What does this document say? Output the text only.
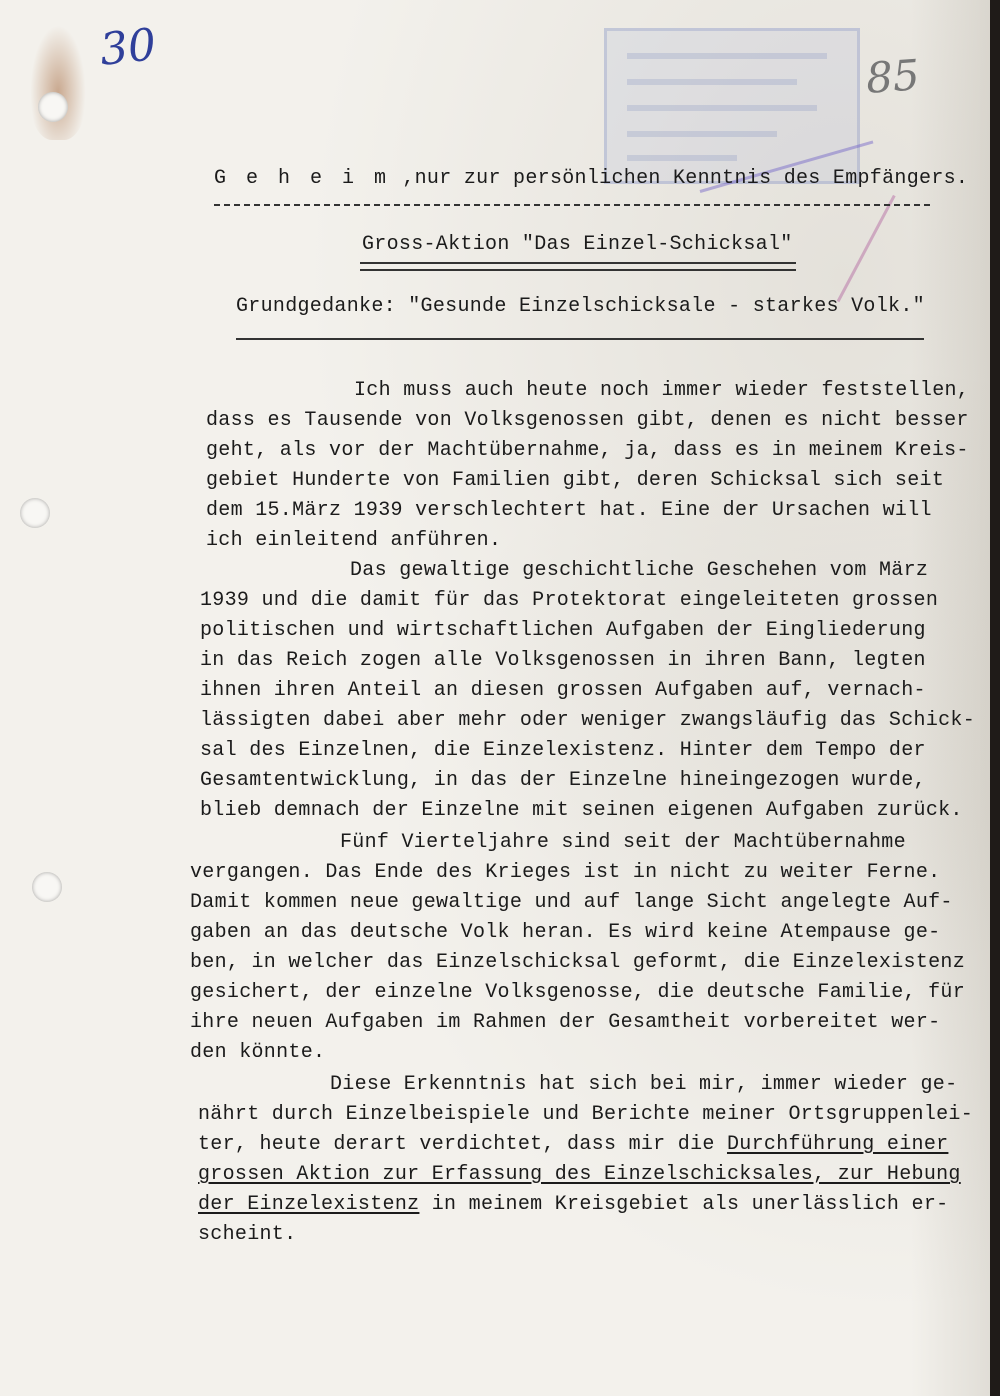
30
85
G e h e i m ,nur zur persönlichen Kenntnis des Empfängers.
Gross-Aktion "Das Einzel-Schicksal"
Grundgedanke: "Gesunde Einzelschicksale - starkes Volk."
Ich muss auch heute noch immer wieder feststellen,
dass es Tausende von Volksgenossen gibt, denen es nicht besser
geht, als vor der Machtübernahme, ja, dass es in meinem Kreis-
gebiet Hunderte von Familien gibt, deren Schicksal sich seit
dem 15.März 1939 verschlechtert hat. Eine der Ursachen will
ich einleitend anführen.
Das gewaltige geschichtliche Geschehen vom März
1939 und die damit für das Protektorat eingeleiteten grossen
politischen und wirtschaftlichen Aufgaben der Eingliederung
in das Reich zogen alle Volksgenossen in ihren Bann, legten
ihnen ihren Anteil an diesen grossen Aufgaben auf, vernach-
lässigten dabei aber mehr oder weniger zwangsläufig das Schick-
sal des Einzelnen, die Einzelexistenz. Hinter dem Tempo der
Gesamtentwicklung, in das der Einzelne hineingezogen wurde,
blieb demnach der Einzelne mit seinen eigenen Aufgaben zurück.
Fünf Vierteljahre sind seit der Machtübernahme
vergangen. Das Ende des Krieges ist in nicht zu weiter Ferne.
Damit kommen neue gewaltige und auf lange Sicht angelegte Auf-
gaben an das deutsche Volk heran. Es wird keine Atempause ge-
ben, in welcher das Einzelschicksal geformt, die Einzelexistenz
gesichert, der einzelne Volksgenosse, die deutsche Familie, für
ihre neuen Aufgaben im Rahmen der Gesamtheit vorbereitet wer-
den könnte.
Diese Erkenntnis hat sich bei mir, immer wieder ge-
nährt durch Einzelbeispiele und Berichte meiner Ortsgruppenlei-
ter, heute derart verdichtet, dass mir die Durchführung einer
grossen Aktion zur Erfassung des Einzelschicksales, zur Hebung
der Einzelexistenz in meinem Kreisgebiet als unerlässlich er-
scheint.
